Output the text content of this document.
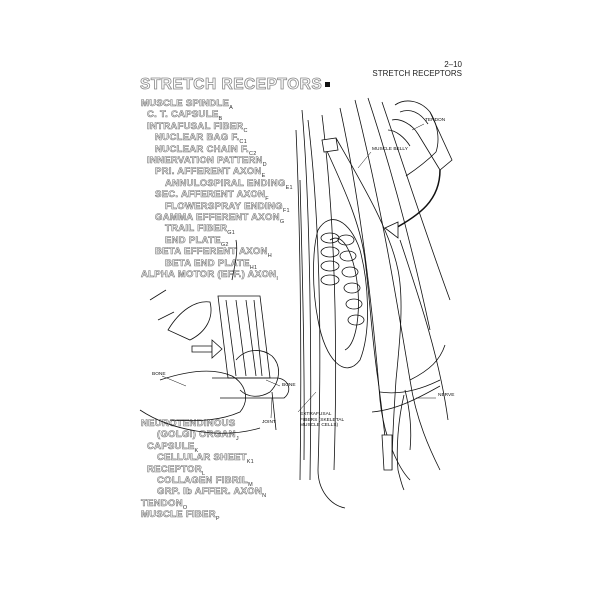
2–10
STRETCH RECEPTORS
STRETCH RECEPTORS
MUSCLE $SPINDLE_A$
C. T. $CAPSULE_B$
INTRAFUSAL $FIBER_C$
NUCLEAR BAG $F._{C1}$
NUCLEAR CHAIN $F._{C2}$
INNERVATION $PATTERN_D$
PRI. AFFERENT $AXON_E$
ANNULOSPIRAL $ENDING_{E1}$
SEC. AFFERENT $AXON_F$
FLOWERSPRAY $ENDING_{F1}$
GAMMA EFFERENT $AXON_G$
TRAIL $FIBER_{G1}$
END $PLATE_{G2}$
BETA EFFERENT $AXON_H$
BETA END $PLATE_{H1}$
ALPHA MOTOR (EFF.) $AXON_I$
NEUROTENDINOUS
(GOLGI) $ORGAN_J$
$CAPSULE_K$
CELLULAR $SHEET_{K1}$
$RECEPTOR_L$
COLLAGEN $FIBRIL_M$
GRP. Ib AFFER. $AXON_N$
$TENDON_O$
MUSCLE $FIBER_P$
TENDON
MUSCLE BELLY
NERVE
BONE
BONE
JOINT
EXTRAFUSAL
FIBERS (SKELETAL
MUSCLE CELLS)
